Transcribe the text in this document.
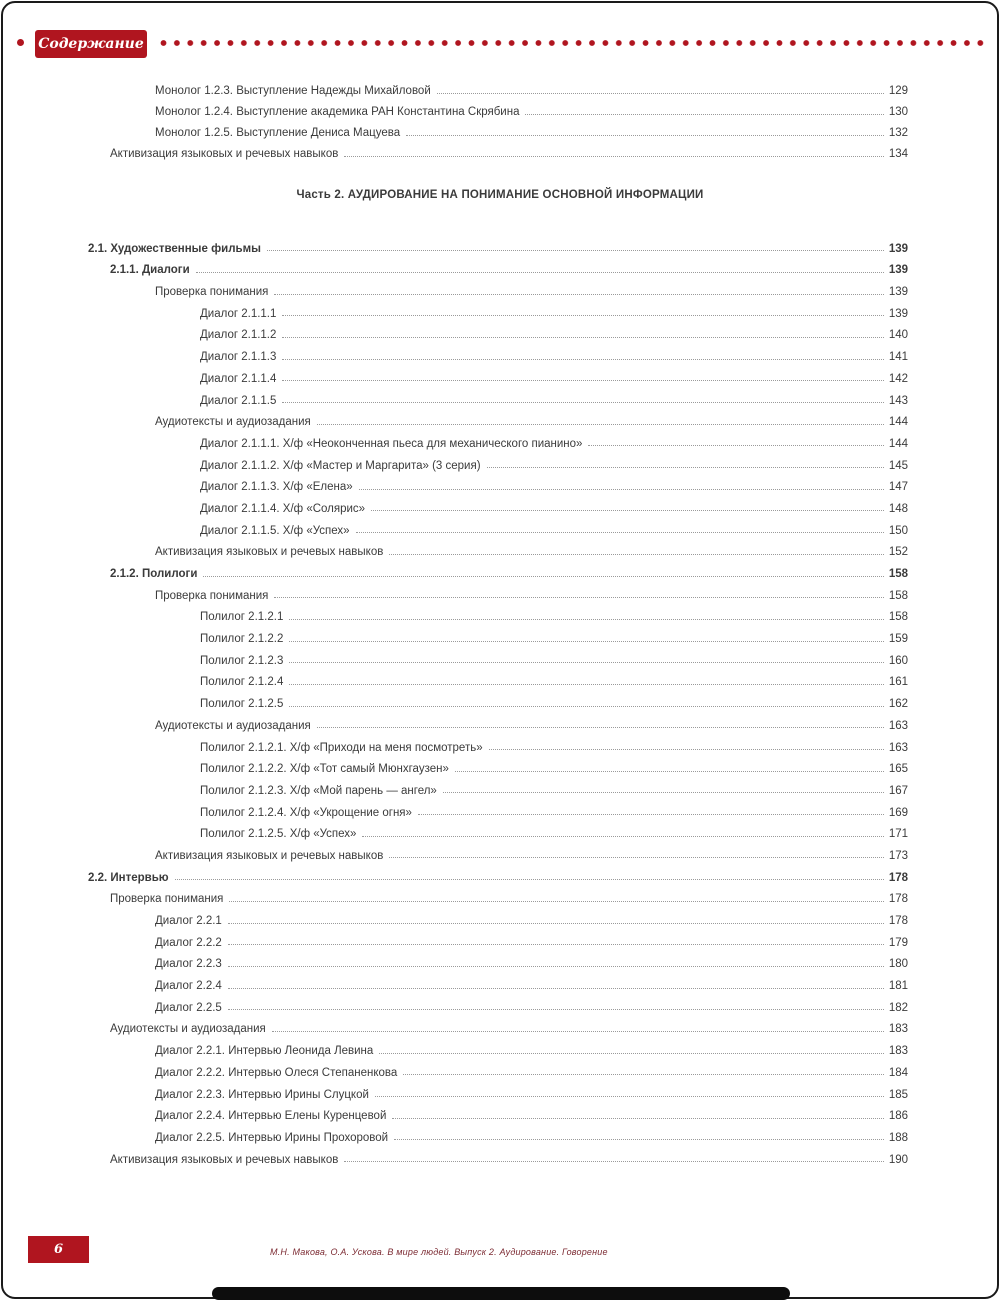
Содержание
Монолог 1.2.3. Выступление Надежды Михайловой	129
Монолог 1.2.4. Выступление академика РАН Константина Скрябина	130
Монолог 1.2.5. Выступление Дениса Мацуева	132
Активизация языковых и речевых навыков	134
Часть 2. АУДИРОВАНИЕ НА ПОНИМАНИЕ ОСНОВНОЙ ИНФОРМАЦИИ
2.1. Художественные фильмы	139
2.1.1. Диалоги	139
Проверка понимания	139
Диалог 2.1.1.1	139
Диалог 2.1.1.2	140
Диалог 2.1.1.3	141
Диалог 2.1.1.4	142
Диалог 2.1.1.5	143
Аудиотексты и аудиозадания	144
Диалог 2.1.1.1. Х/ф «Неоконченная пьеса для механического пианино»	144
Диалог 2.1.1.2. Х/ф «Мастер и Маргарита» (3 серия)	145
Диалог 2.1.1.3. Х/ф «Елена»	147
Диалог 2.1.1.4. Х/ф «Солярис»	148
Диалог 2.1.1.5. Х/ф «Успех»	150
Активизация языковых и речевых навыков	152
2.1.2. Полилоги	158
Проверка понимания	158
Полилог 2.1.2.1	158
Полилог 2.1.2.2	159
Полилог 2.1.2.3	160
Полилог 2.1.2.4	161
Полилог 2.1.2.5	162
Аудиотексты и аудиозадания	163
Полилог 2.1.2.1. Х/ф «Приходи на меня посмотреть»	163
Полилог 2.1.2.2. Х/ф «Тот самый Мюнхгаузен»	165
Полилог 2.1.2.3. Х/ф «Мой парень — ангел»	167
Полилог 2.1.2.4. Х/ф «Укрощение огня»	169
Полилог 2.1.2.5. Х/ф «Успех»	171
Активизация языковых и речевых навыков	173
2.2. Интервью	178
Проверка понимания	178
Диалог 2.2.1	178
Диалог 2.2.2	179
Диалог 2.2.3	180
Диалог 2.2.4	181
Диалог 2.2.5	182
Аудиотексты и аудиозадания	183
Диалог 2.2.1. Интервью Леонида Левина	183
Диалог 2.2.2. Интервью Олеся Степаненкова	184
Диалог 2.2.3. Интервью Ирины Слуцкой	185
Диалог 2.2.4. Интервью Елены Куренцевой	186
Диалог 2.2.5. Интервью Ирины Прохоровой	188
Активизация языковых и речевых навыков	190
6	М.Н. Макова, О.А. Ускова. В мире людей. Выпуск 2. Аудирование. Говорение
